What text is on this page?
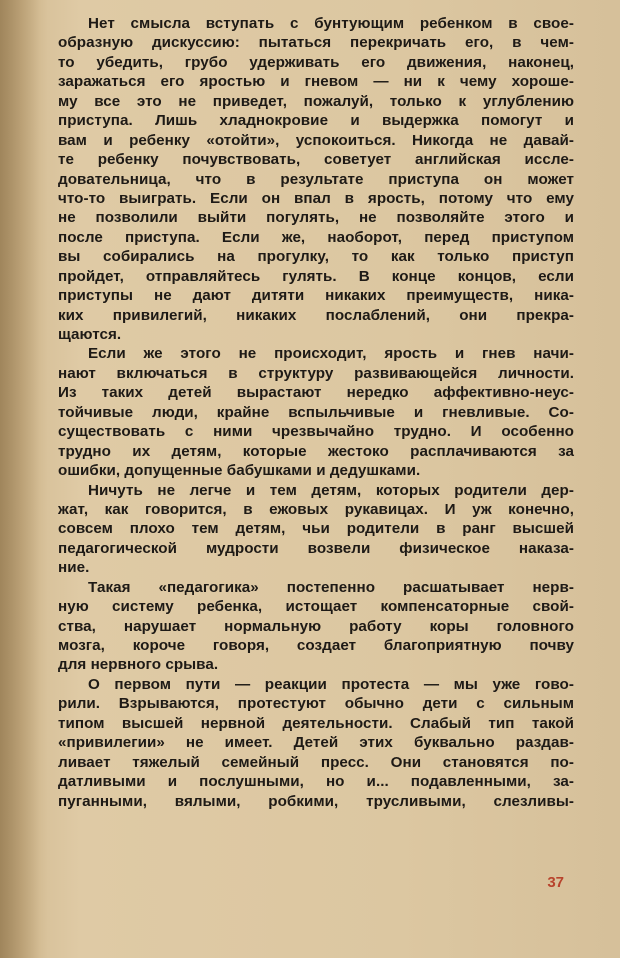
Нет смысла вступать с бунтующим ребенком в свое-
образную дискуссию: пытаться перекричать его, в чем-
то убедить, грубо удерживать его движения, наконец,
заражаться его яростью и гневом — ни к чему хороше-
му все это не приведет, пожалуй, только к углублению
приступа. Лишь хладнокровие и выдержка помогут и
вам и ребенку «отойти», успокоиться. Никогда не давай-
те ребенку почувствовать, советует английская иссле-
довательница, что в результате приступа он может
что-то выиграть. Если он впал в ярость, потому что ему
не позволили выйти погулять, не позволяйте этого и
после приступа. Если же, наоборот, перед приступом
вы собирались на прогулку, то как только приступ
пройдет, отправляйтесь гулять. В конце концов, если
приступы не дают дитяти никаких преимуществ, ника-
ких привилегий, никаких послаблений, они прекра-
щаются.
Если же этого не происходит, ярость и гнев начи-
нают включаться в структуру развивающейся личности.
Из таких детей вырастают нередко аффективно-неус-
тойчивые люди, крайне вспыльчивые и гневливые. Со-
существовать с ними чрезвычайно трудно. И особенно
трудно их детям, которые жестоко расплачиваются за
ошибки, допущенные бабушками и дедушками.
Ничуть не легче и тем детям, которых родители дер-
жат, как говорится, в ежовых рукавицах. И уж конечно,
совсем плохо тем детям, чьи родители в ранг высшей
педагогической мудрости возвели физическое наказа-
ние.
Такая «педагогика» постепенно расшатывает нерв-
ную систему ребенка, истощает компенсаторные свой-
ства, нарушает нормальную работу коры головного
мозга, короче говоря, создает благоприятную почву
для нервного срыва.
О первом пути — реакции протеста — мы уже гово-
рили. Взрываются, протестуют обычно дети с сильным
типом высшей нервной деятельности. Слабый тип такой
«привилегии» не имеет. Детей этих буквально раздав-
ливает тяжелый семейный пресс. Они становятся по-
датливыми и послушными, но и... подавленными, за-
пуганными, вялыми, робкими, трусливыми, слезливы-
37
